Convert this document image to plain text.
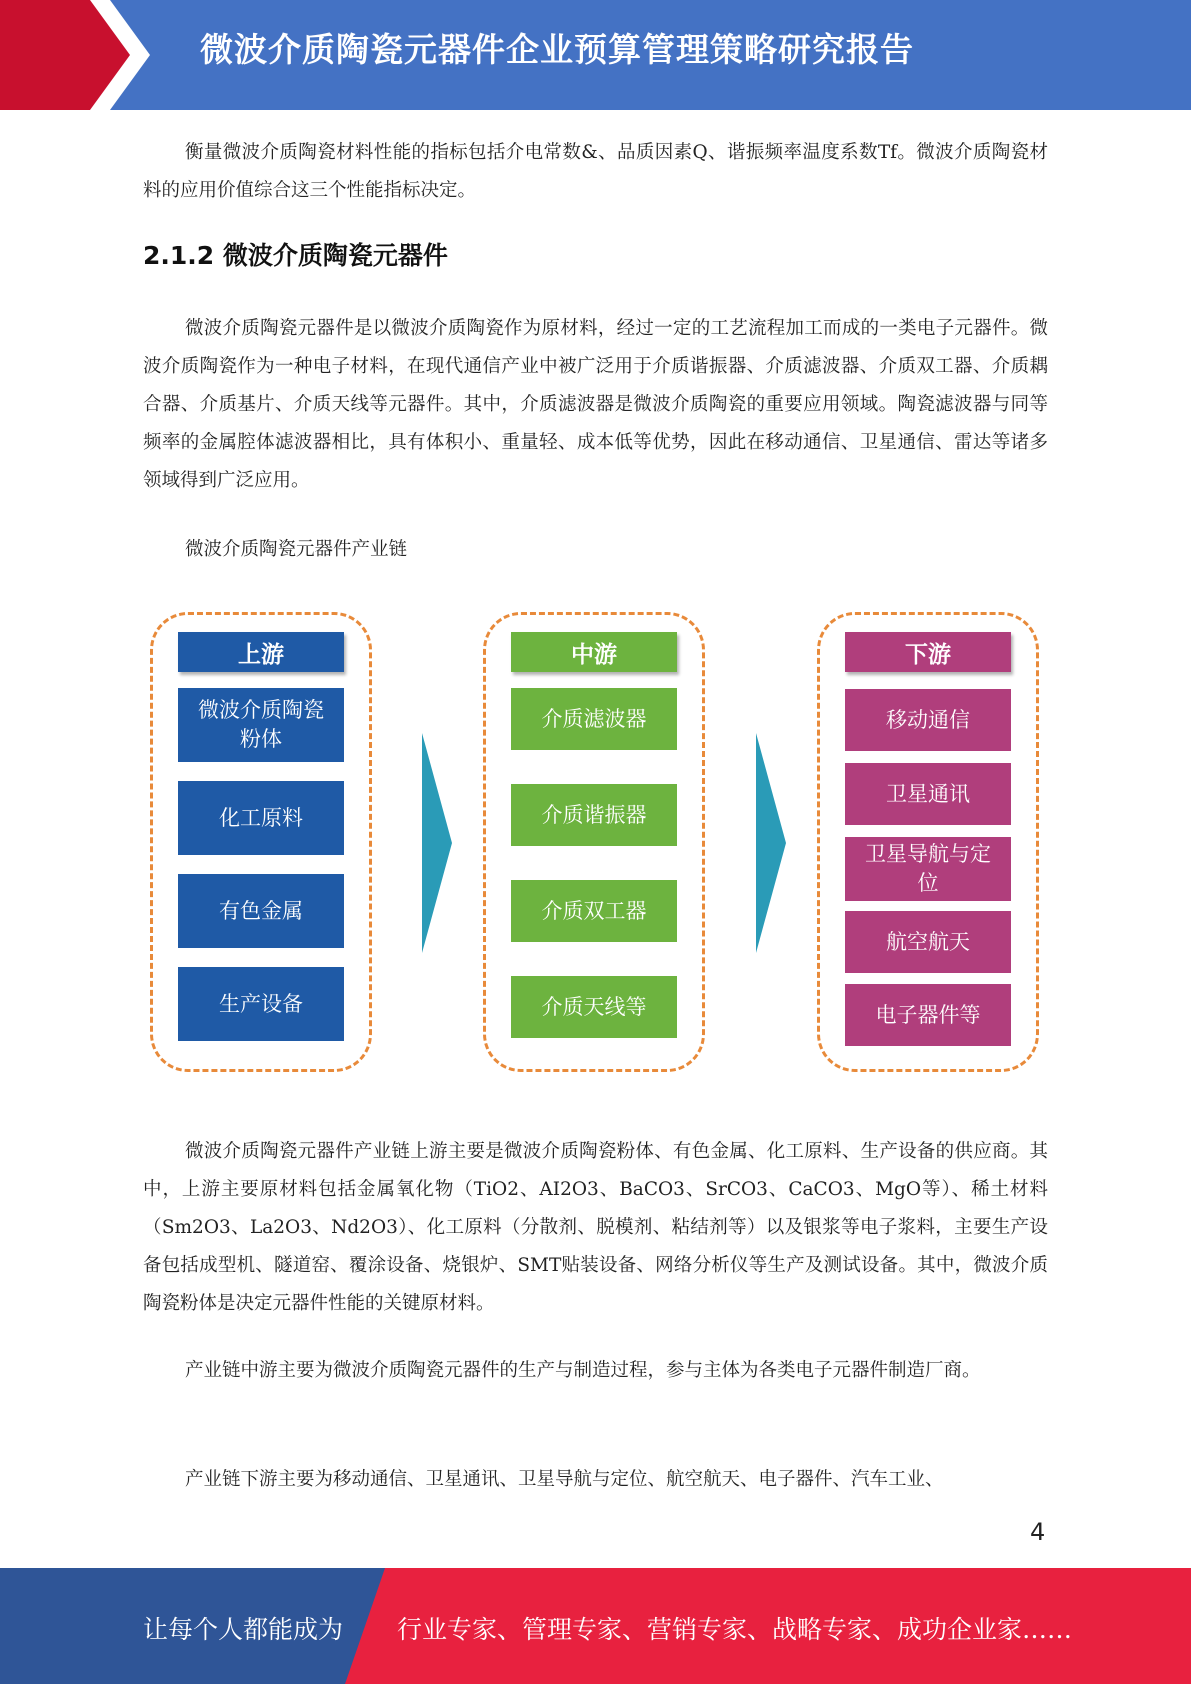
微波介质陶瓷元器件企业预算管理策略研究报告

衡量微波介质陶瓷材料性能的指标包括介电常数&、品质因素Q、谐振频率温度系数Tf。微波介质陶瓷材料的应用价值综合这三个性能指标决定。

2.1.2 微波介质陶瓷元器件

微波介质陶瓷元器件是以微波介质陶瓷作为原材料，经过一定的工艺流程加工而成的一类电子元器件。微波介质陶瓷作为一种电子材料，在现代通信产业中被广泛用于介质谐振器、介质滤波器、介质双工器、介质耦合器、介质基片、介质天线等元器件。其中，介质滤波器是微波介质陶瓷的重要应用领域。陶瓷滤波器与同等频率的金属腔体滤波器相比，具有体积小、重量轻、成本低等优势，因此在移动通信、卫星通信、雷达等诸多领域得到广泛应用。

微波介质陶瓷元器件产业链

上游
微波介质陶瓷粉体
化工原料
有色金属
生产设备
中游
介质滤波器
介质谐振器
介质双工器
介质天线等
下游
移动通信
卫星通讯
卫星导航与定位
航空航天
电子器件等

微波介质陶瓷元器件产业链上游主要是微波介质陶瓷粉体、有色金属、化工原料、生产设备的供应商。其中，上游主要原材料包括金属氧化物（TiO2、AI2O3、BaCO3、SrCO3、CaCO3、MgO等）、稀土材料（Sm2O3、La2O3、Nd2O3）、化工原料（分散剂、脱模剂、粘结剂等）以及银浆等电子浆料，主要生产设备包括成型机、隧道窑、覆涂设备、烧银炉、SMT贴装设备、网络分析仪等生产及测试设备。其中，微波介质陶瓷粉体是决定元器件性能的关键原材料。

产业链中游主要为微波介质陶瓷元器件的生产与制造过程，参与主体为各类电子元器件制造厂商。

产业链下游主要为移动通信、卫星通讯、卫星导航与定位、航空航天、电子器件、汽车工业、

4
让每个人都能成为 行业专家、管理专家、营销专家、战略专家、成功企业家……
